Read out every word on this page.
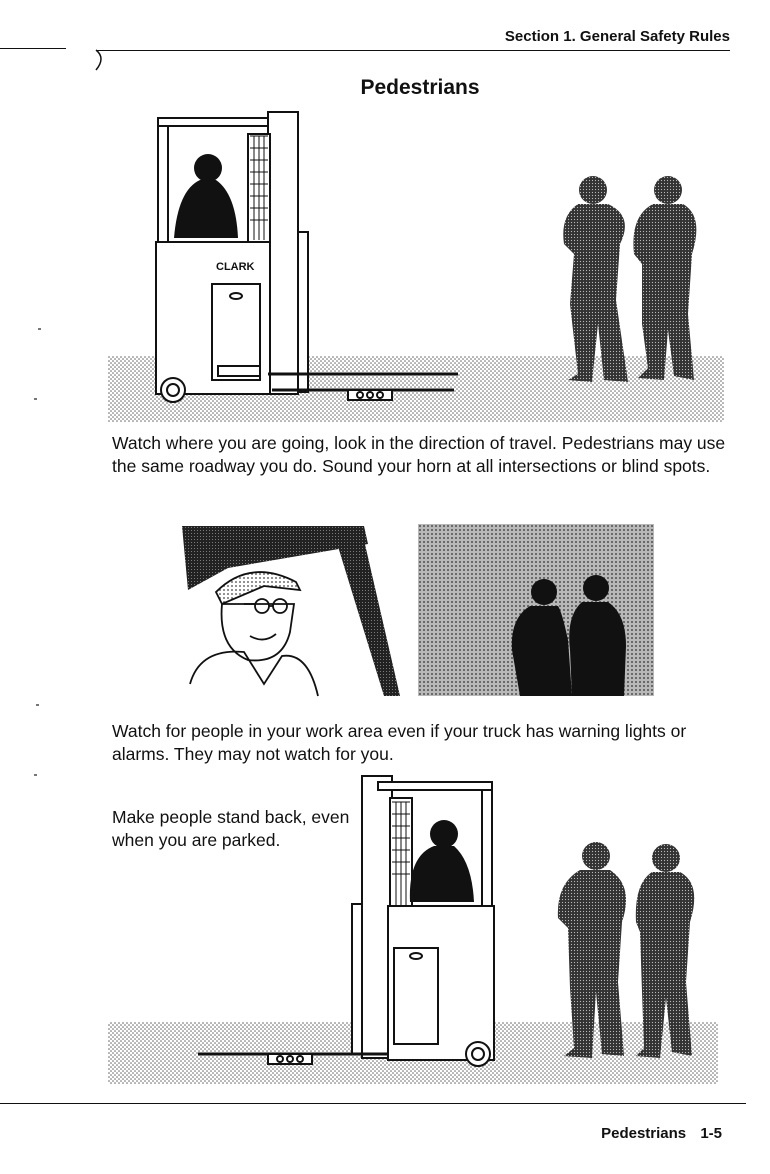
Section 1. General Safety Rules
Pedestrians
CLARK
Watch where you are going, look in the direction of travel. Pedestrians may use the same roadway you do. Sound your horn at all intersections or blind spots.
Watch for people in your work area even if your truck has warning lights or alarms. They may not watch for you.
Make people stand back, even when you are parked.
Pedestrians 1-5
